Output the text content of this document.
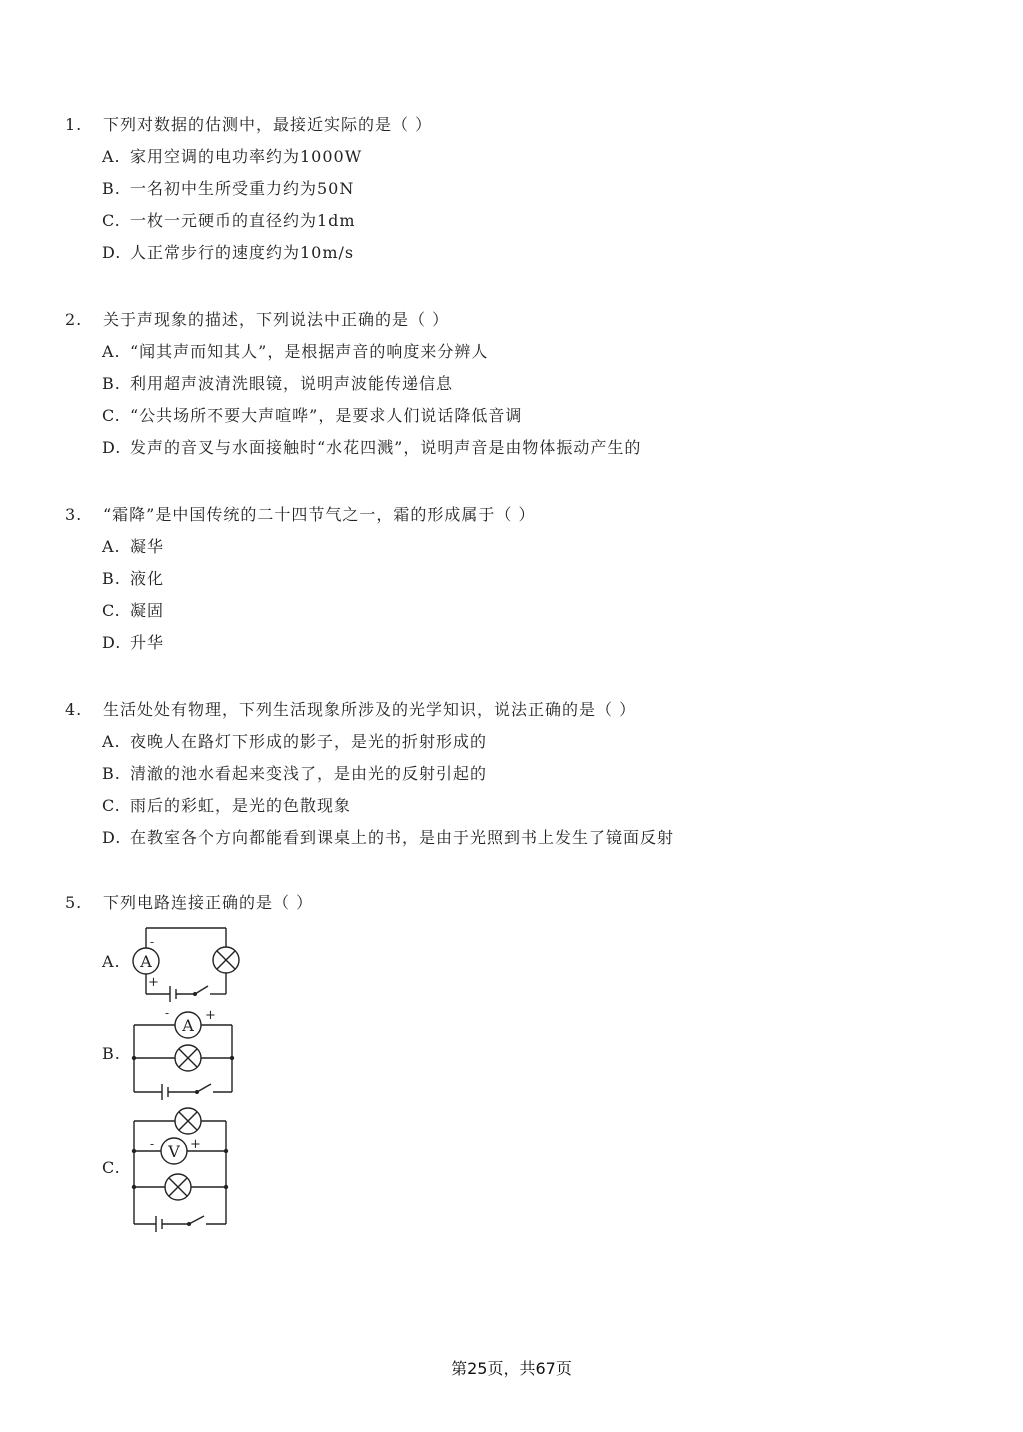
1. 下列对数据的估测中，最接近实际的是（ ）
A. 家用空调的电功率约为1000W
B. 一名初中生所受重力约为50N
C. 一枚一元硬币的直径约为1dm
D. 人正常步行的速度约为10m/s
2. 关于声现象的描述，下列说法中正确的是（ ）
A. “闻其声而知其人”，是根据声音的响度来分辨人
B. 利用超声波清洗眼镜，说明声波能传递信息
C. “公共场所不要大声喧哗”，是要求人们说话降低音调
D. 发声的音叉与水面接触时“水花四溅”，说明声音是由物体振动产生的
3. “霜降”是中国传统的二十四节气之一，霜的形成属于（ ）
A. 凝华
B. 液化
C. 凝固
D. 升华
4. 生活处处有物理，下列生活现象所涉及的光学知识，说法正确的是（ ）
A. 夜晚人在路灯下形成的影子，是光的折射形成的
B. 清澈的池水看起来变浅了，是由光的反射引起的
C. 雨后的彩虹，是光的色散现象
D. 在教室各个方向都能看到课桌上的书，是由于光照到书上发生了镜面反射
5. 下列电路连接正确的是（ ）
A. A
-
+
B.
A
-	+
C.
V
-	+
第25页，共67页
